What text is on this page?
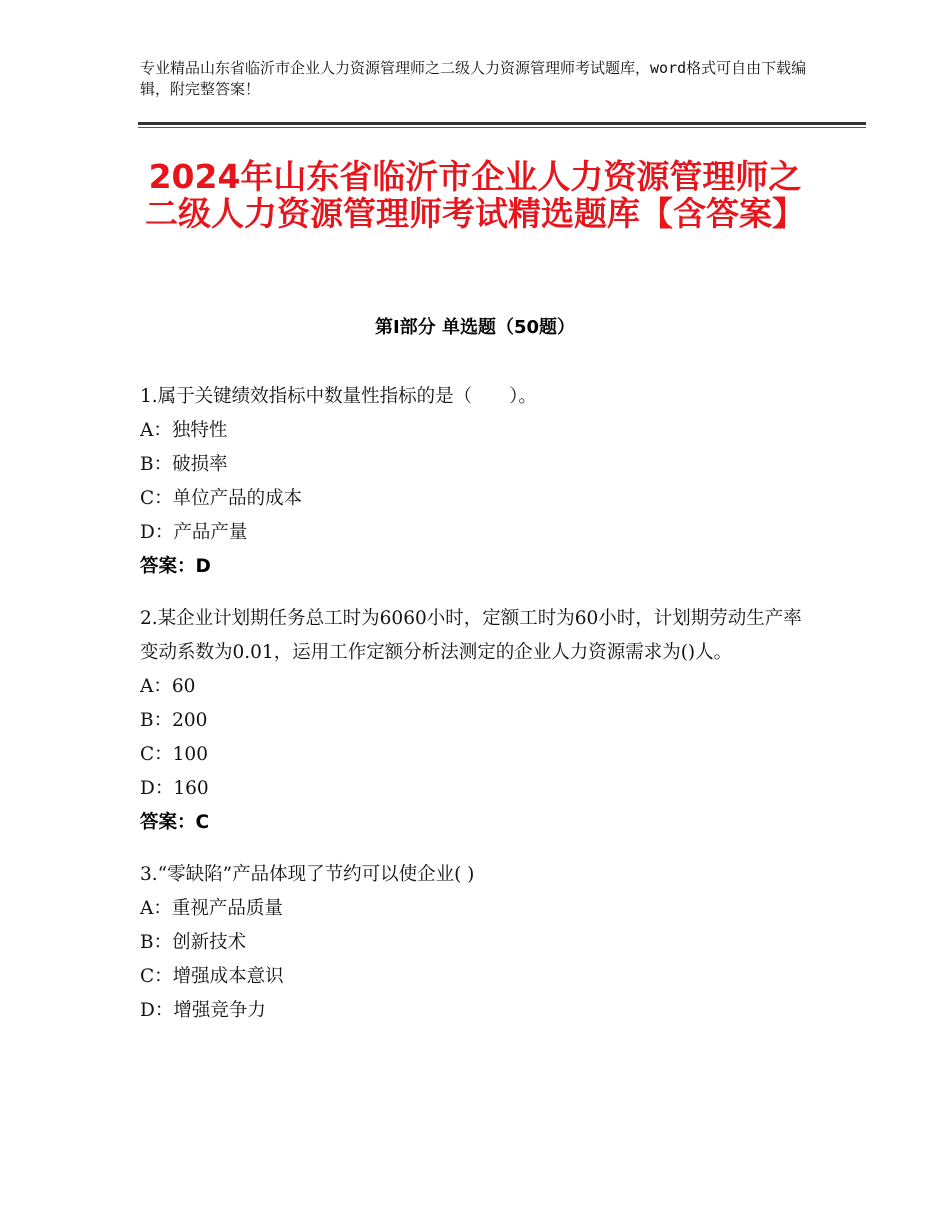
专业精品山东省临沂市企业人力资源管理师之二级人力资源管理师考试题库，word格式可自由下载编辑，附完整答案！
2024年山东省临沂市企业人力资源管理师之二级人力资源管理师考试精选题库【含答案】
第Ⅰ部分 单选题（50题）
1.属于关键绩效指标中数量性指标的是（　　）。
A：独特性
B：破损率
C：单位产品的成本
D：产品产量
答案：D
2.某企业计划期任务总工时为6060小时，定额工时为60小时，计划期劳动生产率变动系数为0.01，运用工作定额分析法测定的企业人力资源需求为()人。
A：60
B：200
C：100
D：160
答案：C
3.“零缺陷”产品体现了节约可以使企业( )
A：重视产品质量
B：创新技术
C：增强成本意识
D：增强竞争力
